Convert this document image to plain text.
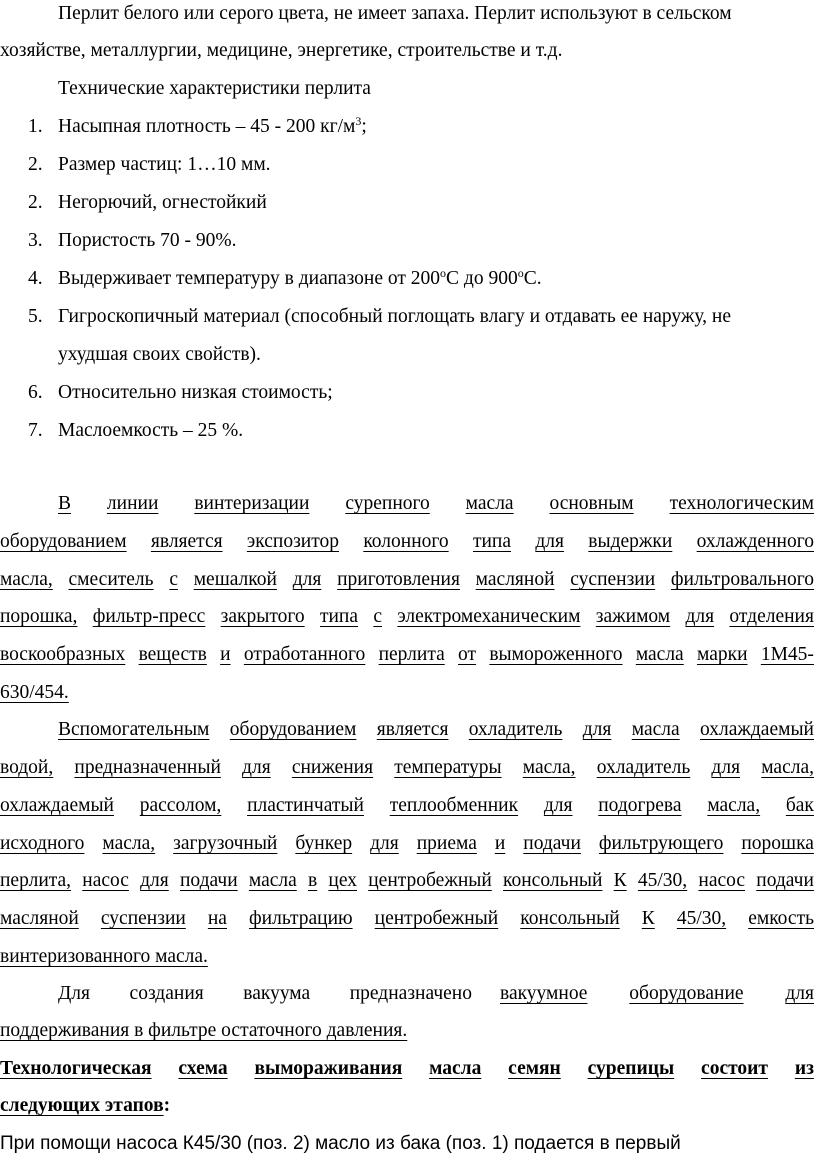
Перлит белого или серого цвета, не имеет запаха. Перлит используют в сельском
хозяйстве, металлургии, медицине, энергетике, строительстве и т.д.
Технические характеристики перлита
1. Насыпная плотность – 45 - 200 $кг/м^3$;
2. Размер частиц: 1…10 мм.
2. Негорючий, огнестойкий
3. Пористость 70 - 90%.
4. Выдерживает температуру в диапазоне от $200^оС$ до $900^оС$.
5. Гигроскопичный материал (способный поглощать влагу и отдавать ее наружу, не
ухудшая своих свойств).
6. Относительно низкая стоимость;
7. Маслоемкость – 25 %.
В линии винтеризации сурепного масла основным технологическим
оборудованием является экспозитор колонного типа для выдержки охлажденного
масла, смеситель с мешалкой для приготовления масляной суспензии фильтровального
порошка, фильтр-пресс закрытого типа с электромеханическим зажимом для отделения
воскообразных веществ и отработанного перлита от вымороженного масла марки 1М45-
630/454.
Вспомогательным оборудованием является охладитель для масла охлаждаемый
водой, предназначенный для снижения температуры масла, охладитель для масла,
охлаждаемый рассолом, пластинчатый теплообменник для подогрева масла, бак
исходного масла, загрузочный бункер для приема и подачи фильтрующего порошка
перлита, насос для подачи масла в цех центробежный консольный К 45/30, насос подачи
масляной суспензии на фильтрацию центробежный консольный К 45/30, емкость
винтеризованного масла.
Для создания вакуума предназначено вакуумное оборудование для
поддерживания в фильтре остаточного давления.
Технологическая схема вымораживания масла семян сурепицы состоит из
следующих этапов:
При помощи насоса К45/30 (поз. 2) масло из бака (поз. 1) подается в первый
